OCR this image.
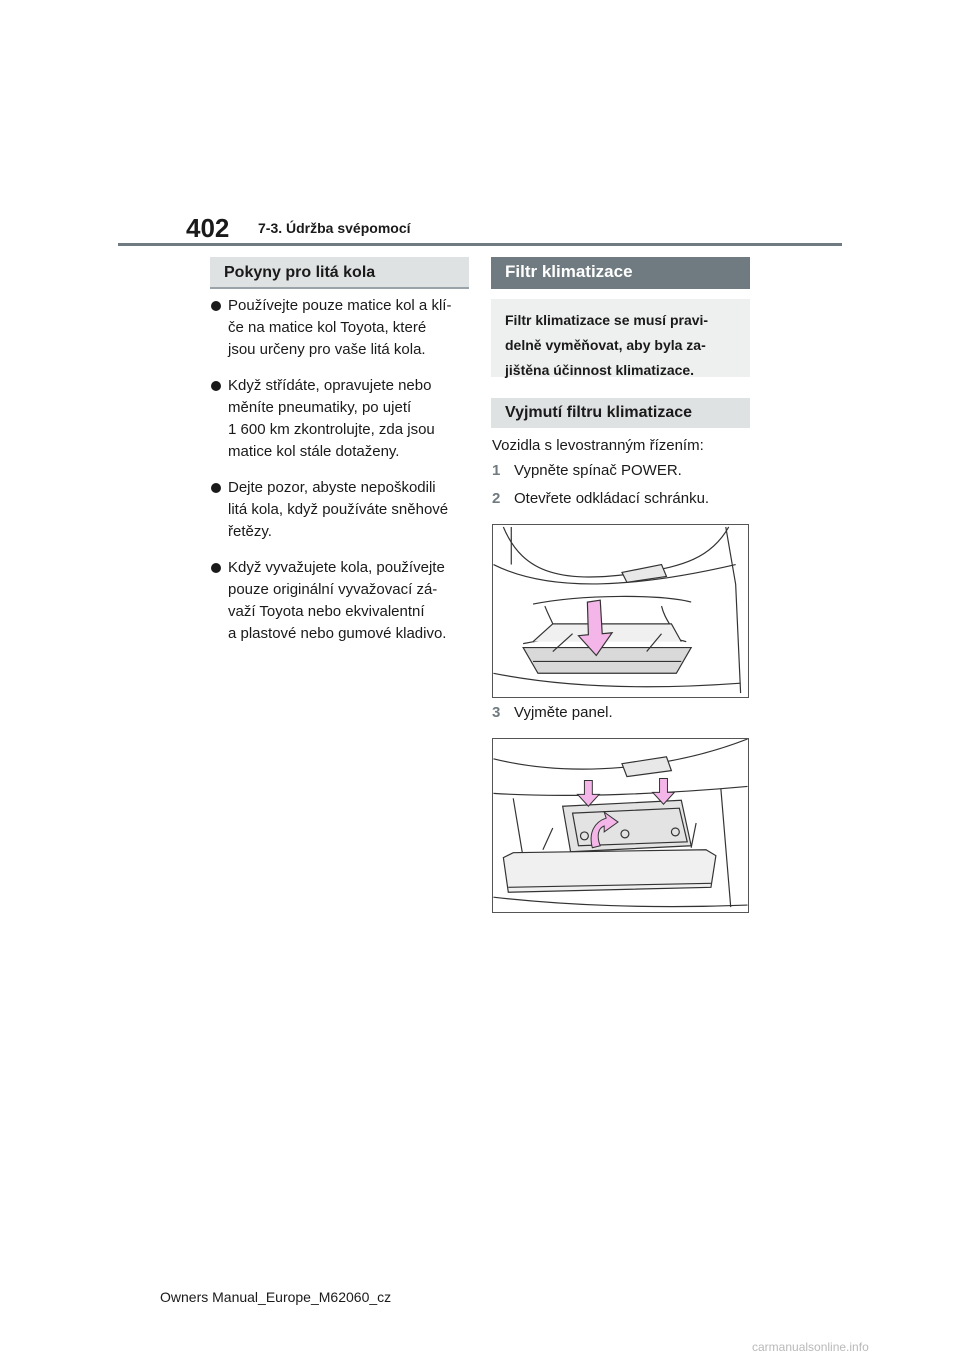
402 7-3. Údržba svépomocí
Pokyny pro litá kola
Používejte pouze matice kol a klí-
če na matice kol Toyota, které
jsou určeny pro vaše litá kola.
Když střídáte, opravujete nebo
měníte pneumatiky, po ujetí
1 600 km zkontrolujte, zda jsou
matice kol stále dotaženy.
Dejte pozor, abyste nepoškodili
litá kola, když používáte sněhové
řetězy.
Když vyvažujete kola, používejte
pouze originální vyvažovací zá-
važí Toyota nebo ekvivalentní
a plastové nebo gumové kladivo.
Filtr klimatizace
Filtr klimatizace se musí pravi-
delně vyměňovat, aby byla za-
jištěna účinnost klimatizace.
Vyjmutí filtru klimatizace
Vozidla s levostranným řízením:
1 Vypněte spínač POWER.
2 Otevřete odkládací schránku.
3 Vyjměte panel.
Owners Manual_Europe_M62060_cz
carmanualsonline.info
